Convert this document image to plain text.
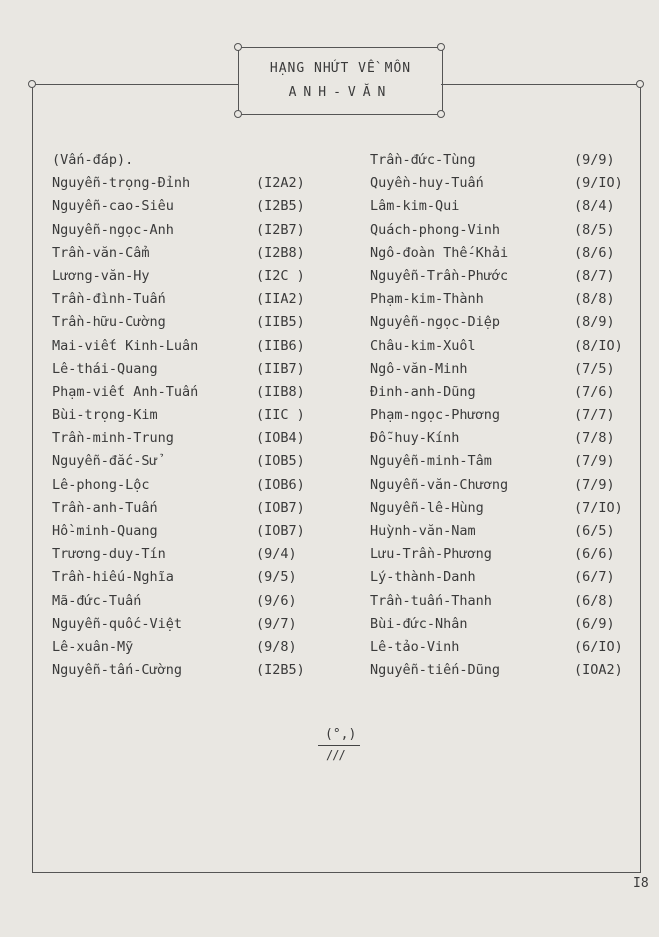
HẠNG NHỨT VỀ MÔN
ANH-VĂN
(Vấn-đáp).
Nguyễn-trọng-Đỉnh	(I2A2)
Nguyễn-cao-Siêu	(I2B5)
Nguyễn-ngọc-Anh	(I2B7)
Trần-văn-Cẩm	(I2B8)
Lương-văn-Hy	(I2C )
Trần-đình-Tuấn	(IIA2)
Trần-hữu-Cường	(IIB5)
Mai-viết Kinh-Luân	(IIB6)
Lê-thái-Quang	(IIB7)
Phạm-viết Anh-Tuấn	(IIB8)
Bùi-trọng-Kim	(IIC )
Trần-minh-Trung	(IOB4)
Nguyễn-đắc-Sử	(IOB5)
Lê-phong-Lộc	(IOB6)
Trần-anh-Tuấn	(IOB7)
Hồ-minh-Quang	(IOB7)
Trương-duy-Tín	(9/4)
Trần-hiếu-Nghĩa	(9/5)
Mã-đức-Tuấn	(9/6)
Nguyễn-quốc-Việt	(9/7)
Lê-xuân-Mỹ	(9/8)
Nguyễn-tấn-Cường	(I2B5)
Trần-đức-Tùng	(9/9)
Quyền-huy-Tuấn	(9/IO)
Lâm-kim-Qui	(8/4)
Quách-phong-Vinh	(8/5)
Ngô-đoàn Thế-Khải	(8/6)
Nguyễn-Trần-Phước	(8/7)
Phạm-kim-Thành	(8/8)
Nguyễn-ngọc-Diệp	(8/9)
Châu-kim-Xuôl	(8/IO)
Ngô-văn-Minh	(7/5)
Đinh-anh-Dũng	(7/6)
Phạm-ngọc-Phương	(7/7)
Đỗ-huy-Kính	(7/8)
Nguyễn-minh-Tâm	(7/9)
Nguyễn-văn-Chương	(7/9)
Nguyễn-lê-Hùng	(7/IO)
Huỳnh-văn-Nam	(6/5)
Lưu-Trần-Phương	(6/6)
Lý-thành-Danh	(6/7)
Trần-tuấn-Thanh	(6/8)
Bùi-đức-Nhân	(6/9)
Lê-tảo-Vinh	(6/IO)
Nguyễn-tiến-Dũng	(IOA2)
(°,)
///
I8
